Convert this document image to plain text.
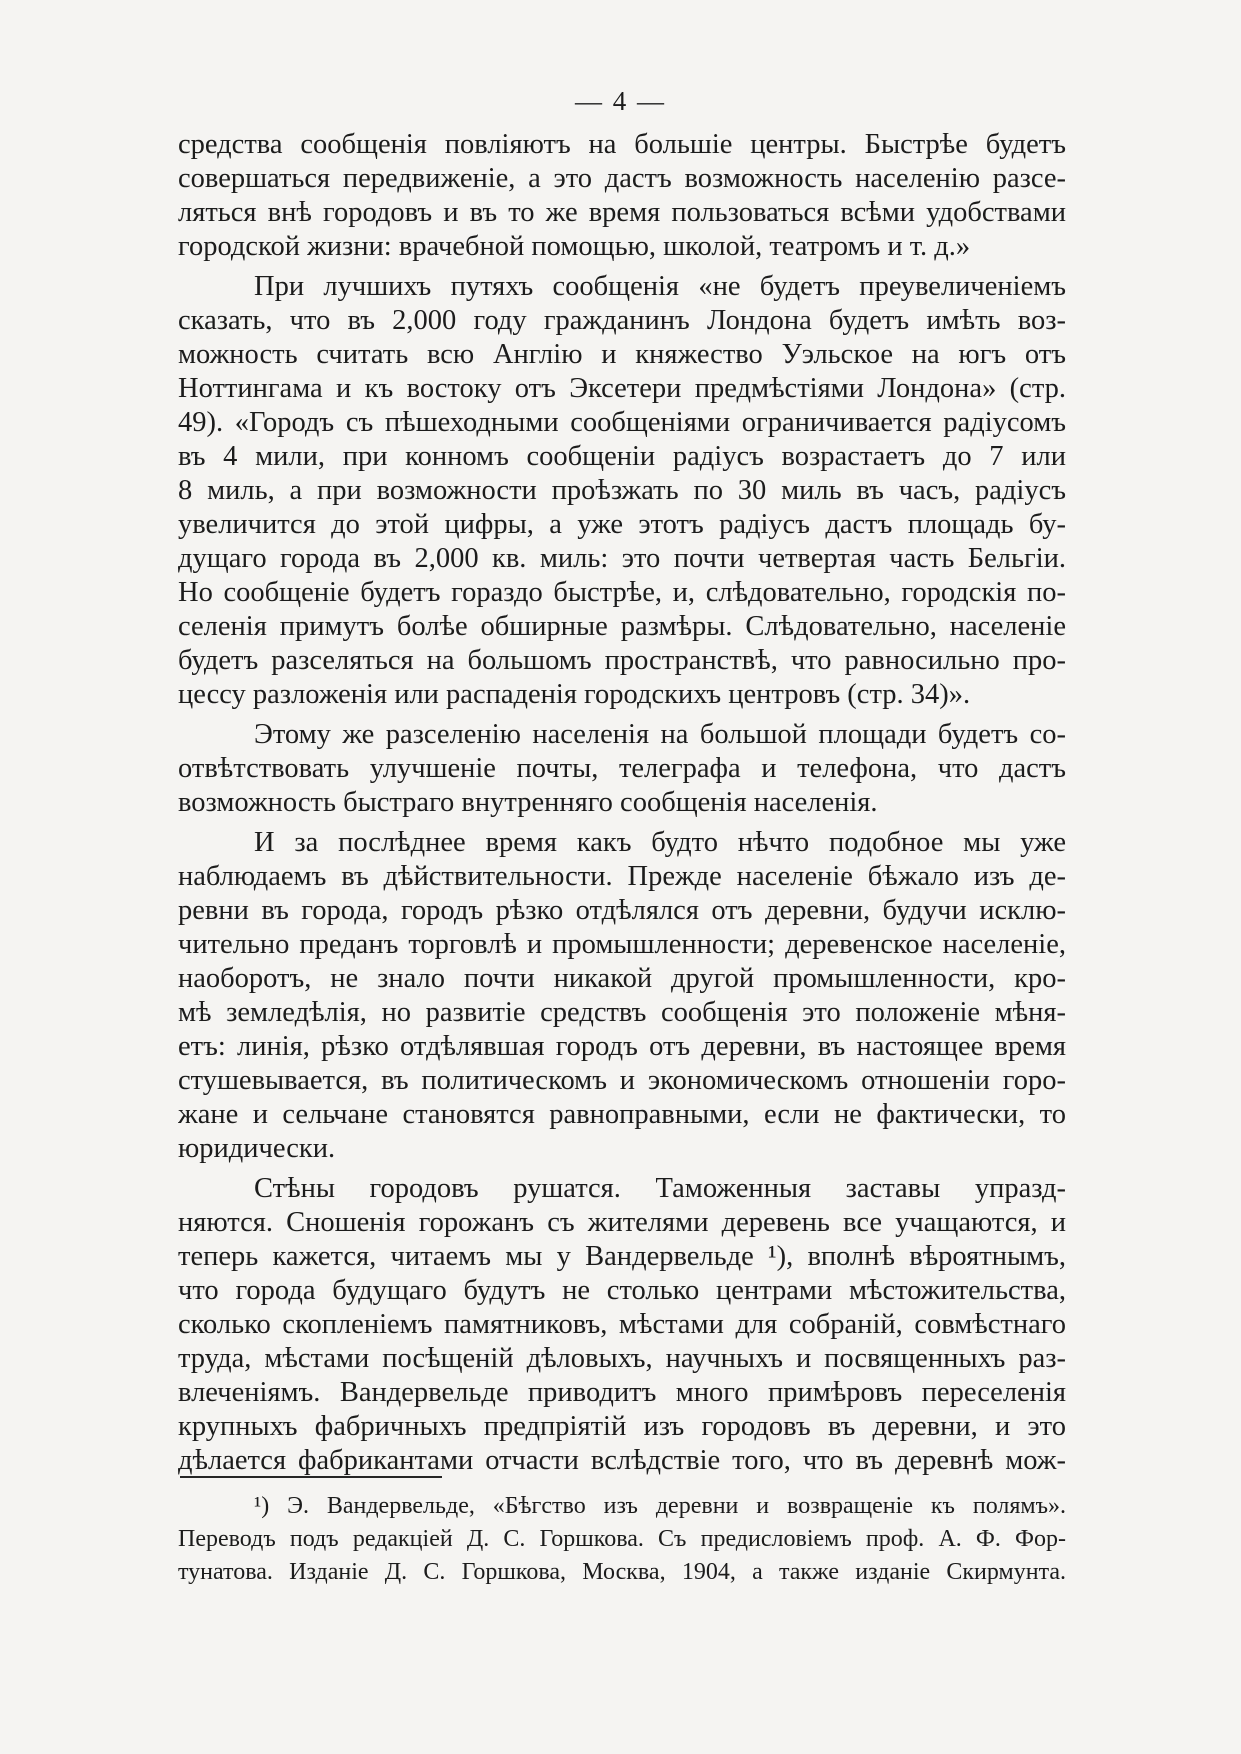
— 4 —
средства сообщенія повліяютъ на большіе центры. Быстрѣе будетъ
совершаться передвиженіе, а это дастъ возможность населенію разсе-
ляться внѣ городовъ и въ то же время пользоваться всѣми удобствами
городской жизни: врачебной помощью, школой, театромъ и т. д.»
При лучшихъ путяхъ сообщенія «не будетъ преувеличеніемъ
сказать, что въ 2,000 году гражданинъ Лондона будетъ имѣть воз-
можность считать всю Англію и княжество Уэльское на югъ отъ
Ноттингама и къ востоку отъ Эксетери предмѣстіями Лондона» (стр.
49). «Городъ съ пѣшеходными сообщеніями ограничивается радіусомъ
въ 4 мили, при конномъ сообщеніи радіусъ возрастаетъ до 7 или
8 миль, а при возможности проѣзжать по 30 миль въ часъ, радіусъ
увеличится до этой цифры, а уже этотъ радіусъ дастъ площадь бу-
дущаго города въ 2,000 кв. миль: это почти четвертая часть Бельгіи.
Но сообщеніе будетъ гораздо быстрѣе, и, слѣдовательно, городскія по-
селенія примутъ болѣе обширные размѣры. Слѣдовательно, населеніе
будетъ разселяться на большомъ пространствѣ, что равносильно про-
цессу разложенія или распаденія городскихъ центровъ (стр. 34)».
Этому же разселенію населенія на большой площади будетъ со-
отвѣтствовать улучшеніе почты, телеграфа и телефона, что дастъ
возможность быстраго внутренняго сообщенія населенія.
И за послѣднее время какъ будто нѣчто подобное мы уже
наблюдаемъ въ дѣйствительности. Прежде населеніе бѣжало изъ де-
ревни въ города, городъ рѣзко отдѣлялся отъ деревни, будучи исклю-
чительно преданъ торговлѣ и промышленности; деревенское населеніе,
наоборотъ, не знало почти никакой другой промышленности, кро-
мѣ земледѣлія, но развитіе средствъ сообщенія это положеніе мѣня-
етъ: линія, рѣзко отдѣлявшая городъ отъ деревни, въ настоящее время
стушевывается, въ политическомъ и экономическомъ отношеніи горо-
жане и сельчане становятся равноправными, если не фактически, то
юридически.
Стѣны городовъ рушатся. Таможенныя заставы упразд-
няются. Сношенія горожанъ съ жителями деревень все учащаются, и
теперь кажется, читаемъ мы у Вандервельде ¹), вполнѣ вѣроятнымъ,
что города будущаго будутъ не столько центрами мѣстожительства,
сколько скопленіемъ памятниковъ, мѣстами для собраній, совмѣстнаго
труда, мѣстами посѣщеній дѣловыхъ, научныхъ и посвященныхъ раз-
влеченіямъ. Вандервельде приводитъ много примѣровъ переселенія
крупныхъ фабричныхъ предпріятій изъ городовъ въ деревни, и это
дѣлается фабрикантами отчасти вслѣдствіе того, что въ деревнѣ мож-
¹) Э. Вандервельде, «Бѣгство изъ деревни и возвращеніе къ полямъ».
Переводъ подъ редакціей Д. С. Горшкова. Съ предисловіемъ проф. А. Ф. Фор-
тунатова. Изданіе Д. С. Горшкова, Москва, 1904, а также изданіе Скирмунта.
